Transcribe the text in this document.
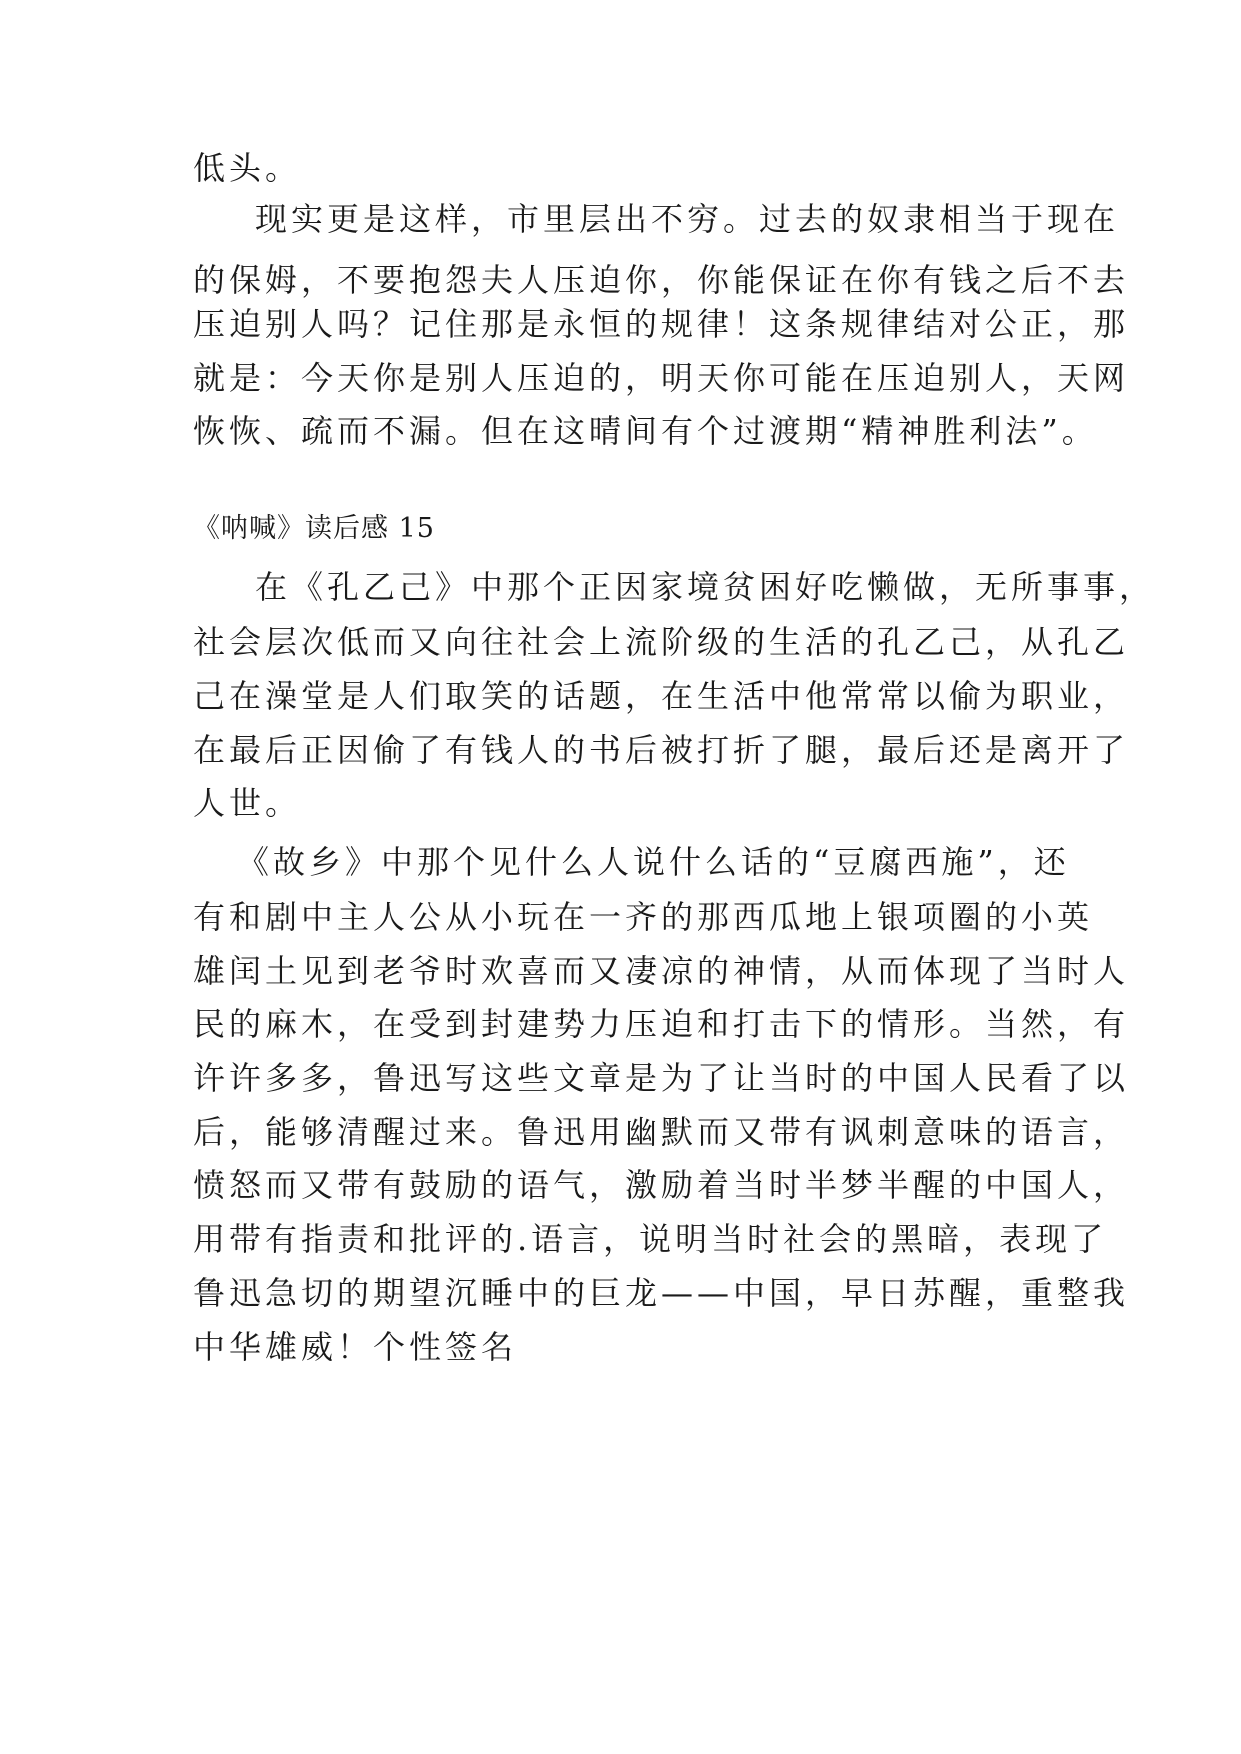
低头。
现实更是这样，市里层出不穷。过去的奴隶相当于现在
的保姆，不要抱怨夫人压迫你，你能保证在你有钱之后不去
压迫别人吗？记住那是永恒的规律！这条规律结对公正，那
就是：今天你是别人压迫的，明天你可能在压迫别人，天网
恢恢、疏而不漏。但在这晴间有个过渡期“精神胜利法”。
《呐喊》读后感 15
在《孔乙己》中那个正因家境贫困好吃懒做，无所事事，
社会层次低而又向往社会上流阶级的生活的孔乙己，从孔乙
己在澡堂是人们取笑的话题，在生活中他常常以偷为职业，
在最后正因偷了有钱人的书后被打折了腿，最后还是离开了
人世。
《故乡》中那个见什么人说什么话的“豆腐西施”，还
有和剧中主人公从小玩在一齐的那西瓜地上银项圈的小英
雄闰土见到老爷时欢喜而又凄凉的神情，从而体现了当时人
民的麻木，在受到封建势力压迫和打击下的情形。当然，有
许许多多，鲁迅写这些文章是为了让当时的中国人民看了以
后，能够清醒过来。鲁迅用幽默而又带有讽刺意味的语言，
愤怒而又带有鼓励的语气，激励着当时半梦半醒的中国人，
用带有指责和批评的.语言，说明当时社会的黑暗，表现了
鲁迅急切的期望沉睡中的巨龙——中国，早日苏醒，重整我
中华雄威！个性签名
